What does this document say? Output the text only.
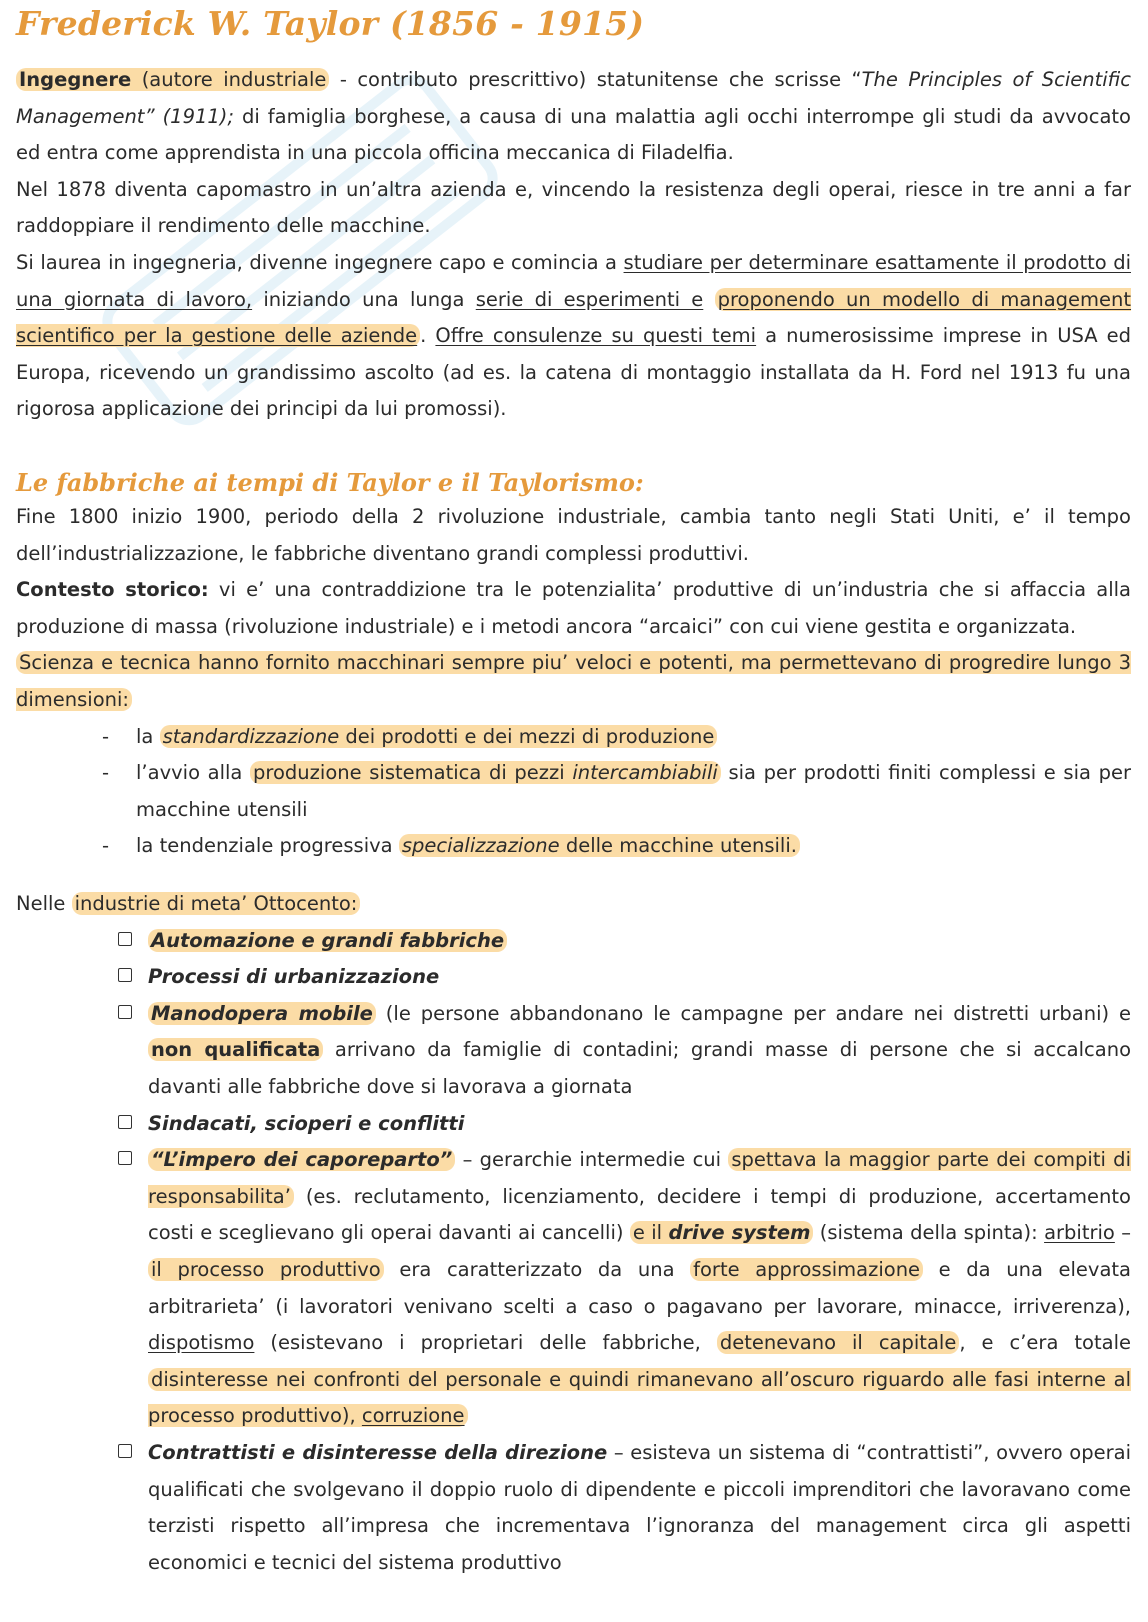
Frederick W. Taylor (1856 - 1915)

Ingegnere (autore industriale - contributo prescrittivo) statunitense che scrisse “The Principles of Scientific Management” (1911); di famiglia borghese, a causa di una malattia agli occhi interrompe gli studi da avvocato ed entra come apprendista in una piccola officina meccanica di Filadelfia.

Nel 1878 diventa capomastro in un’altra azienda e, vincendo la resistenza degli operai, riesce in tre anni a far raddoppiare il rendimento delle macchine.

Si laurea in ingegneria, divenne ingegnere capo e comincia a studiare per determinare esattamente il prodotto di una giornata di lavoro, iniziando una lunga serie di esperimenti e proponendo un modello di management scientifico per la gestione delle aziende . Offre consulenze su questi temi a numerosissime imprese in USA ed Europa, ricevendo un grandissimo ascolto (ad es. la catena di montaggio installata da H. Ford nel 1913 fu una rigorosa applicazione dei principi da lui promossi).

Le fabbriche ai tempi di Taylor e il Taylorismo:

Fine 1800 inizio 1900, periodo della 2 rivoluzione industriale, cambia tanto negli Stati Uniti, e’ il tempo dell’industrializzazione, le fabbriche diventano grandi complessi produttivi.

Contesto storico: vi e’ una contraddizione tra le potenzialita’ produttive di un’industria che si affaccia alla produzione di massa (rivoluzione industriale) e i metodi ancora “arcaici” con cui viene gestita e organizzata.

Scienza e tecnica hanno fornito macchinari sempre piu’ veloci e potenti, ma permettevano di progredire lungo 3 dimensioni:

- la standardizzazione dei prodotti e dei mezzi di produzione
- l’avvio alla produzione sistematica di pezzi intercambiabili sia per prodotti finiti complessi e sia per macchine utensili
- la tendenziale progressiva specializzazione delle macchine utensili.

Nelle industrie di meta’ Ottocento:

Automazione e grandi fabbriche
Processi di urbanizzazione
Manodopera mobile (le persone abbandonano le campagne per andare nei distretti urbani) e non qualificata arrivano da famiglie di contadini; grandi masse di persone che si accalcano davanti alle fabbriche dove si lavorava a giornata
Sindacati, scioperi e conflitti
“L’impero dei caporeparto” – gerarchie intermedie cui spettava la maggior parte dei compiti di responsabilita’ (es. reclutamento, licenziamento, decidere i tempi di produzione, accertamento costi e sceglievano gli operai davanti ai cancelli) e il drive system (sistema della spinta): arbitrio – il processo produttivo era caratterizzato da una forte approssimazione e da una elevata arbitrarieta’ (i lavoratori venivano scelti a caso o pagavano per lavorare, minacce, irriverenza), dispotismo (esistevano i proprietari delle fabbriche, detenevano il capitale , e c’era totale disinteresse nei confronti del personale e quindi rimanevano all’oscuro riguardo alle fasi interne al processo produttivo), corruzione
Contrattisti e disinteresse della direzione – esisteva un sistema di “contrattisti”, ovvero operai qualificati che svolgevano il doppio ruolo di dipendente e piccoli imprenditori che lavoravano come terzisti rispetto all’impresa che incrementava l’ignoranza del management circa gli aspetti economici e tecnici del sistema produttivo
